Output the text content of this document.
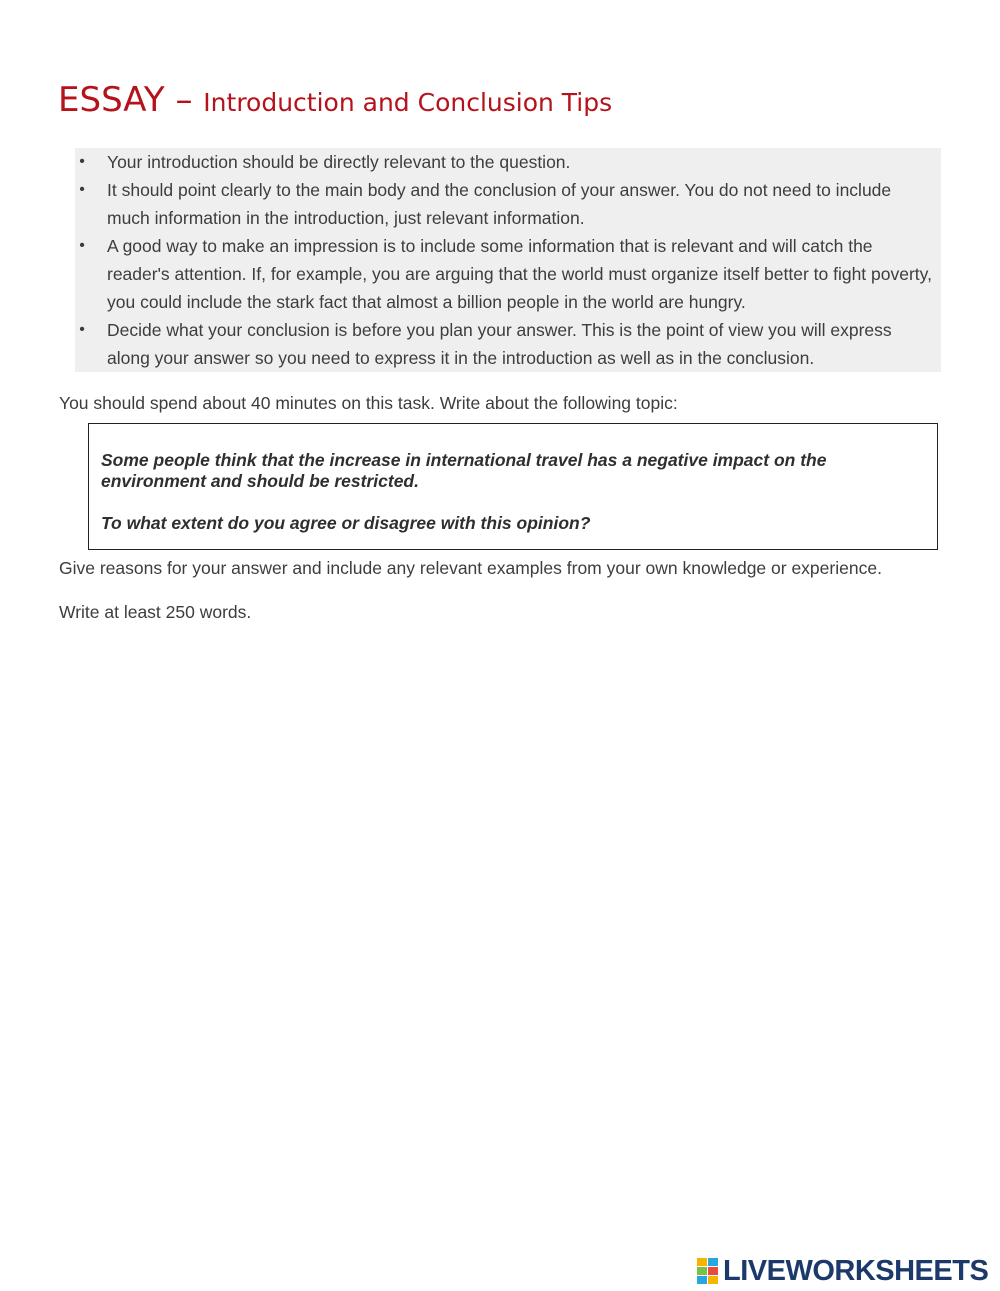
ESSAY – Introduction and Conclusion Tips
• Your introduction should be directly relevant to the question.
• It should point clearly to the main body and the conclusion of your answer. You do not need to include much information in the introduction, just relevant information.
• A good way to make an impression is to include some information that is relevant and will catch the reader's attention. If, for example, you are arguing that the world must organize itself better to fight poverty, you could include the stark fact that almost a billion people in the world are hungry.
• Decide what your conclusion is before you plan your answer. This is the point of view you will express along your answer so you need to express it in the introduction as well as in the conclusion.

You should spend about 40 minutes on this task. Write about the following topic:

Some people think that the increase in international travel has a negative impact on the environment and should be restricted.

To what extent do you agree or disagree with this opinion?

Give reasons for your answer and include any relevant examples from your own knowledge or experience.

Write at least 250 words.

LIVEWORKSHEETS
